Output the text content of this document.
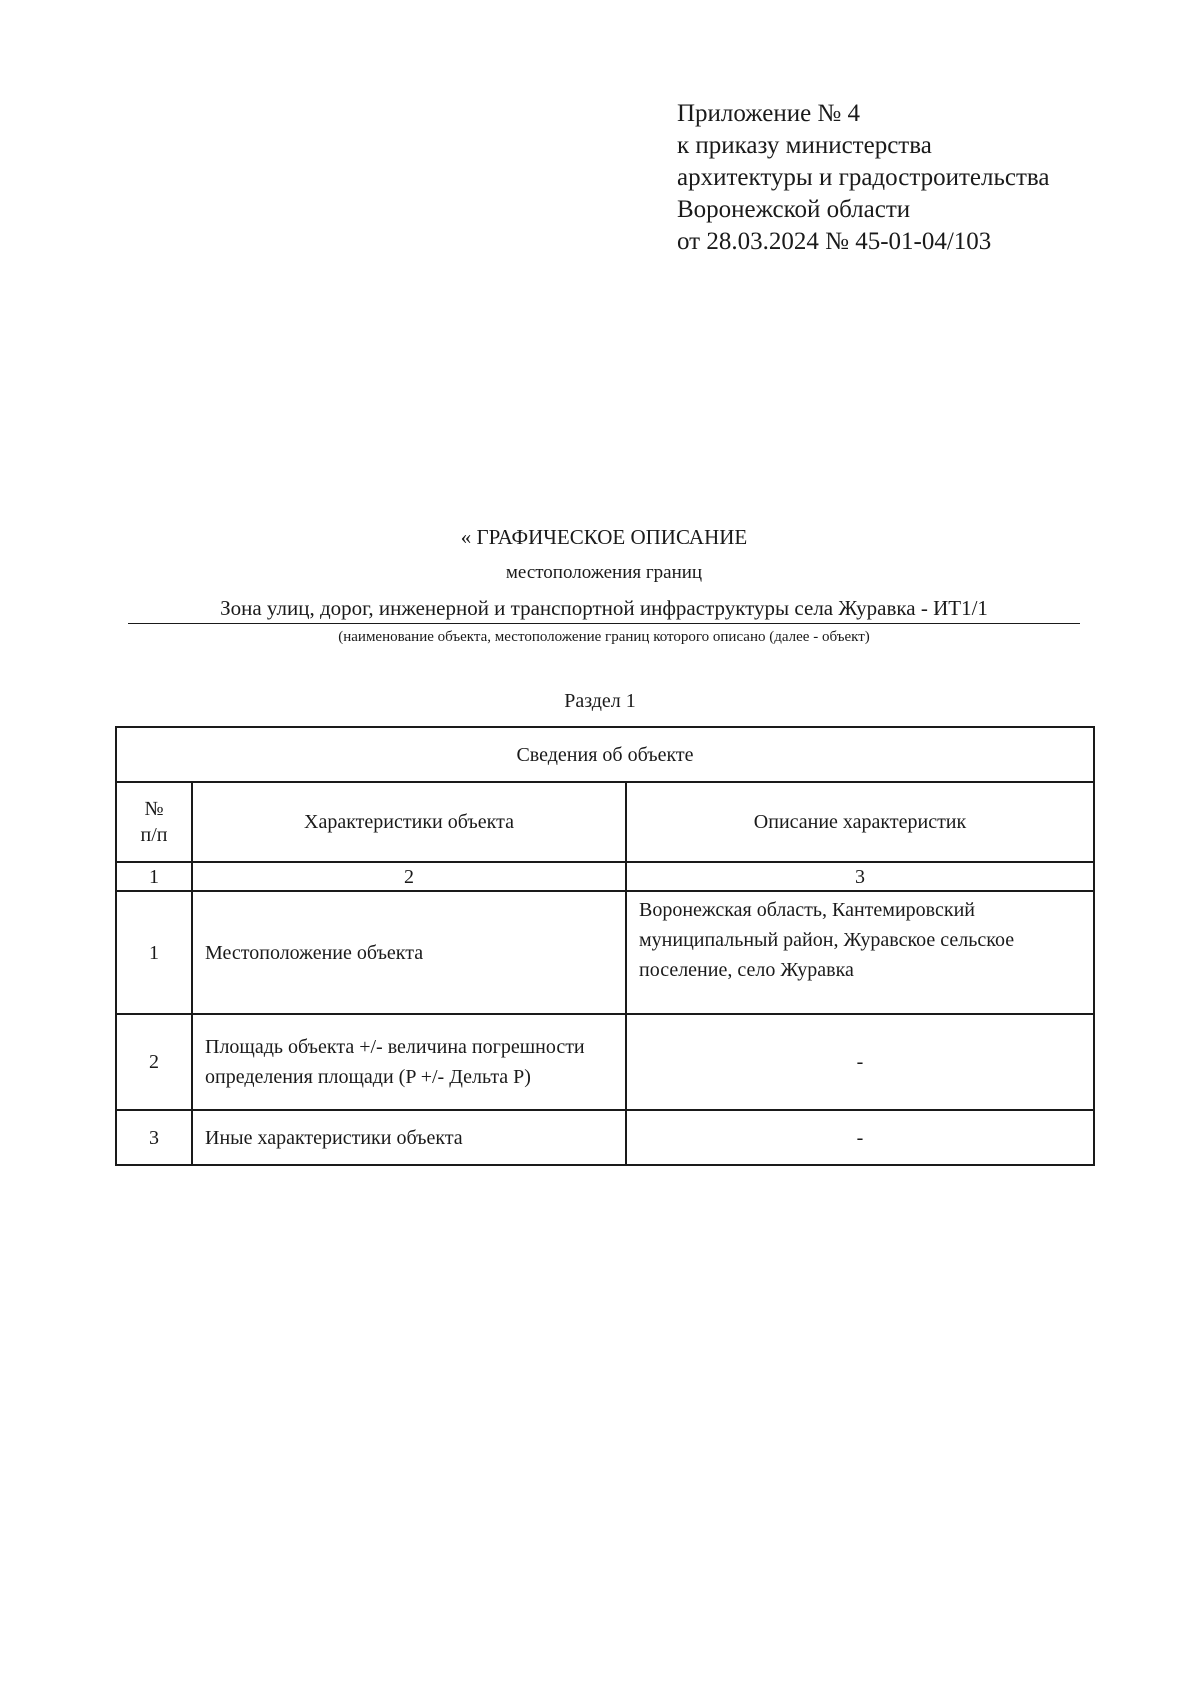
Приложение № 4
к приказу министерства
архитектуры и градостроительства
Воронежской области
от 28.03.2024 № 45-01-04/103
« ГРАФИЧЕСКОЕ ОПИСАНИЕ
местоположения границ
Зона улиц, дорог, инженерной и транспортной инфраструктуры села Журавка - ИТ1/1
(наименование объекта, местоположение границ которого описано (далее - объект)
Раздел 1
Сведения об объекте		

№
п/п	Характеристики объекта	Описание характеристик
1	2	3
1	Местоположение объекта	Воронежская область, Кантемировский муниципальный район, Журавское сельское поселение, село Журавка
2	Площадь объекта +/- величина погрешности определения площади (P +/- Дельта P)	-
3	Иные характеристики объекта	-
